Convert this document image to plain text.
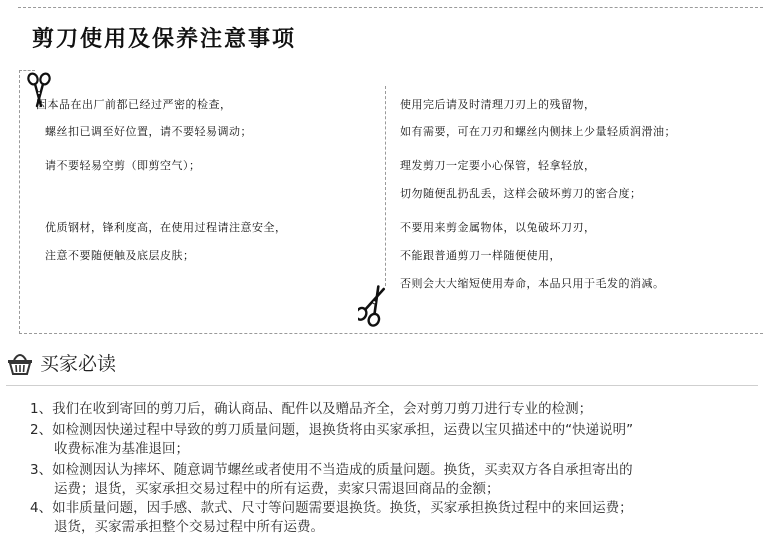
剪刀使用及保养注意事项
因本品在出厂前都已经过严密的检查，
螺丝扣已调至好位置，请不要轻易调动；
请不要轻易空剪（即剪空气）；
优质钢材，锋利度高，在使用过程请注意安全，
注意不要随便触及底层皮肤；
使用完后请及时清理刀刃上的残留物，
如有需要，可在刀刃和螺丝内侧抹上少量轻质润滑油；
理发剪刀一定要小心保管，轻拿轻放，
切勿随便乱扔乱丢，这样会破坏剪刀的密合度；
不要用来剪金属物体，以兔破坏刀刃，
不能跟普通剪刀一样随便使用，
否则会大大缩短使用寿命，本品只用于毛发的消减。
买家必读
1、我们在收到寄回的剪刀后，确认商品、配件以及赠品齐全，会对剪刀剪刀进行专业的检测；
2、如检测因快递过程中导致的剪刀质量问题，退换货将由买家承担，运费以宝贝描述中的“快递说明”
收费标准为基准退回；
3、如检测因认为摔坏、随意调节螺丝或者使用不当造成的质量问题。换货，买卖双方各自承担寄出的
运费；退货，买家承担交易过程中的所有运费，卖家只需退回商品的金额；
4、如非质量问题，因手感、款式、尺寸等问题需要退换货。换货，买家承担换货过程中的来回运费；
退货，买家需承担整个交易过程中所有运费。
